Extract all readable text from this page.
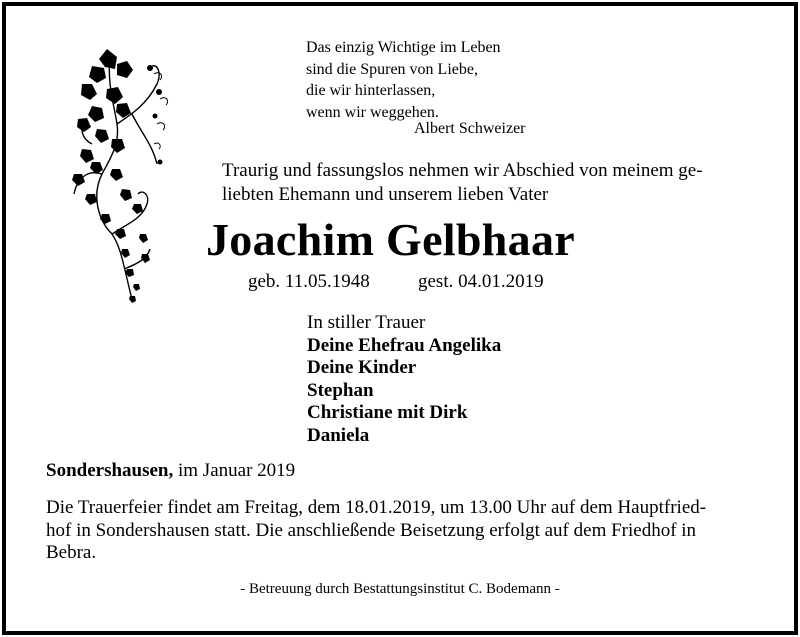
Das einzig Wichtige im Leben
sind die Spuren von Liebe,
die wir hinterlassen,
wenn wir weggehen.
Albert Schweizer
Traurig und fassungslos nehmen wir Abschied von meinem ge-
liebten Ehemann und unserem lieben Vater
Joachim Gelbhaar
geb. 11.05.1948	gest. 04.01.2019
In stiller Trauer
Deine Ehefrau Angelika
Deine Kinder
Stephan
Christiane mit Dirk
Daniela
Sondershausen, im Januar 2019
Die Trauerfeier findet am Freitag, dem 18.01.2019, um 13.00 Uhr auf dem Hauptfried-
hof in Sondershausen statt. Die anschließende Beisetzung erfolgt auf dem Friedhof in
Bebra.
- Betreuung durch Bestattungsinstitut C. Bodemann -
